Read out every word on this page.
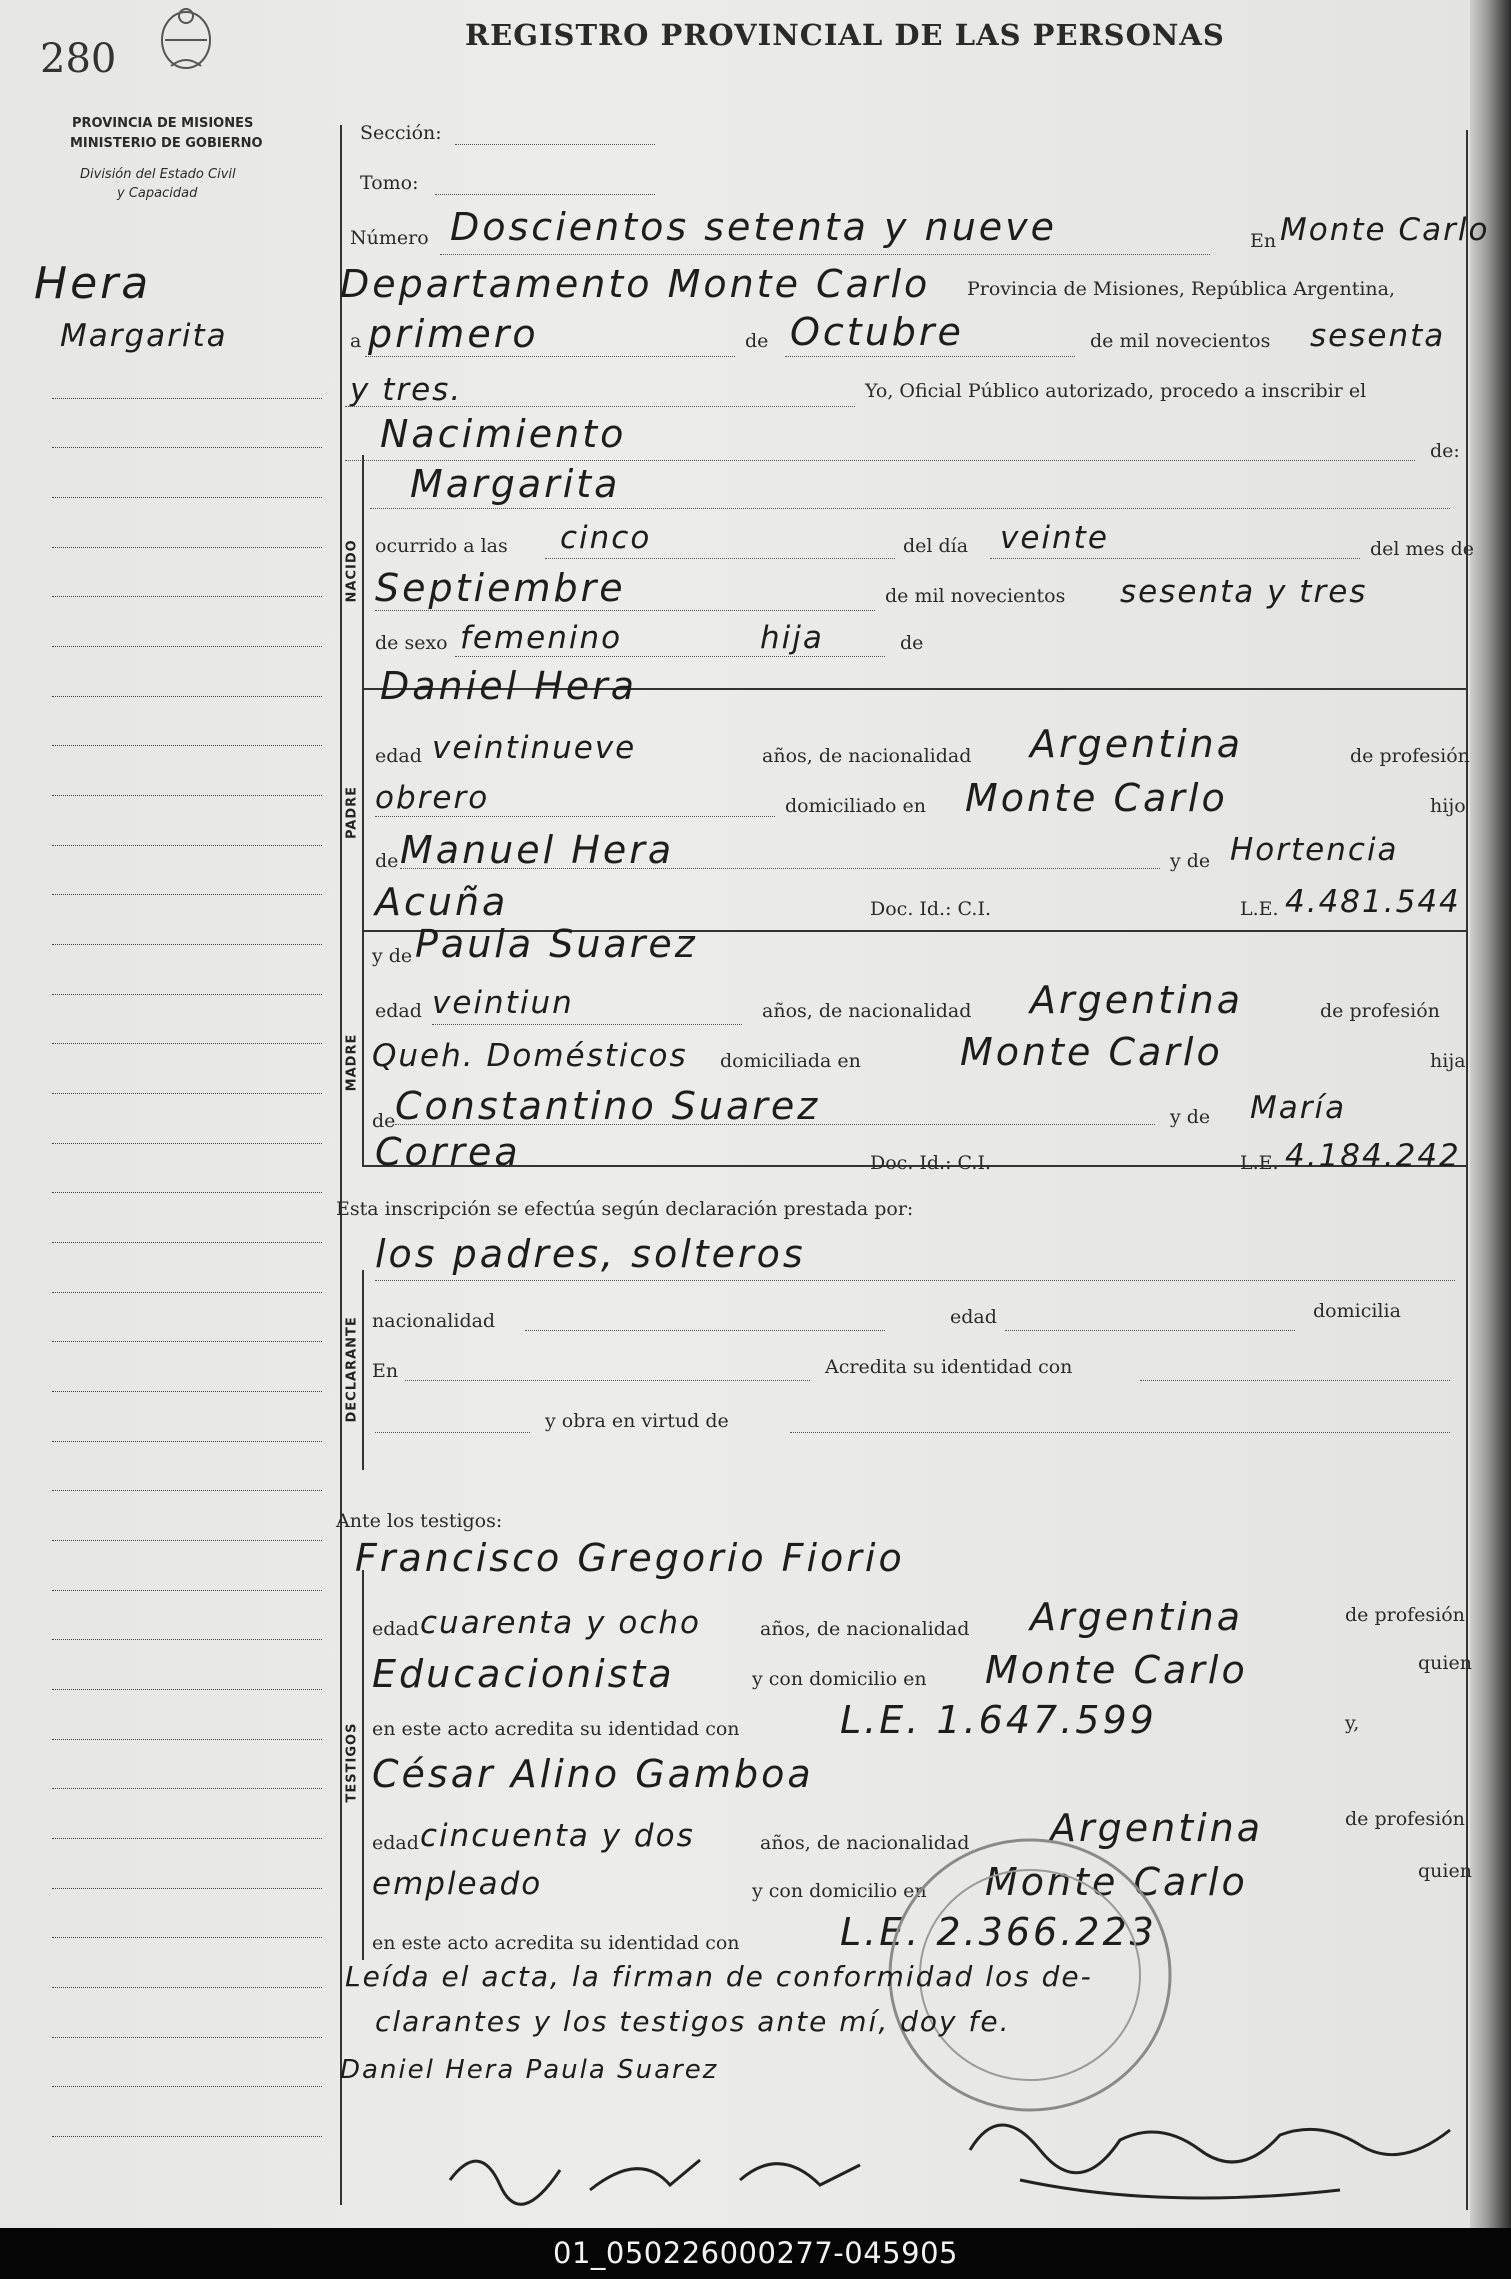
280
REGISTRO PROVINCIAL DE LAS PERSONAS
PROVINCIA DE MISIONES
MINISTERIO DE GOBIERNO
División del Estado Civil
y Capacidad
Hera
Margarita
NACIDO
PADRE
MADRE
DECLARANTE
TESTIGOS
Sección:
Tomo:
Número Doscientos setenta y nueve	En Monte Carlo
Departamento Monte Carlo Provincia de Misiones, República Argentina,
a primero	de Octubre	de mil novecientos sesenta
y tres.	Yo, Oficial Público autorizado, procedo a inscribir el
Nacimiento	de:
Margarita
ocurrido a las cinco	del día veinte	del mes de
Septiembre	de mil novecientos sesenta y tres
de sexo femenino	hija	de
Daniel Hera
edad veintinueve	años, de nacionalidad Argentina	de profesión
obrero	domiciliado en Monte Carlo	hijo
de Manuel Hera	y de Hortencia
Acuña	Doc. Id.: C.I.	L.E. 4.481.544
y de Paula Suarez
edad veintiun	años, de nacionalidad Argentina	de profesión
Queh. Domésticos domiciliada en	Monte Carlo	hija
de Constantino Suarez	y de María
Correa	Doc. Id.: C.I.	L.E. 4.184.242
Esta inscripción se efectúa según declaración prestada por:
los padres, solteros
nacionalidad	edad	domicilia
En	Acredita su identidad con
y obra en virtud de
Ante los testigos:
Francisco Gregorio Fiorio
edad cuarenta y ocho	años, de nacionalidad Argentina	de profesión
Educacionista	y con domicilio en Monte Carlo	quien
en este acto acredita su identidad con	L.E. 1.647.599	y,
César Alino Gamboa
edad cincuenta y dos	años, de nacionalidad Argentina	de profesión
empleado	y con domicilio en Monte Carlo	quien
en este acto acredita su identidad con	L.E. 2.366.223
Leída el acta, la firman de conformidad los de-
clarantes y los testigos ante mí, doy fe.
Daniel Hera Paula Suarez
01_050226000277-045905
